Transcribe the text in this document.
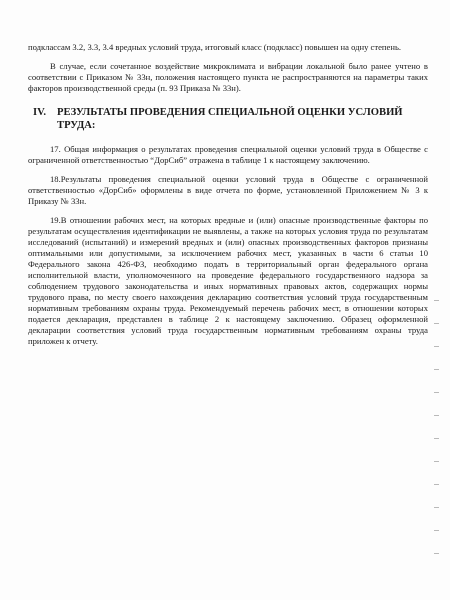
подклассам 3.2, 3.3, 3.4 вредных условий труда, итоговый класс (подкласс) повышен на одну степень.

В случае, если сочетанное воздействие микроклимата и вибрации локальной было ранее учтено в соответствии с Приказом № 33н, положения настоящего пункта не распространяются на параметры таких факторов производственной среды (п. 93 Приказа № 33н).

IV.	РЕЗУЛЬТАТЫ ПРОВЕДЕНИЯ СПЕЦИАЛЬНОЙ ОЦЕНКИ УСЛОВИЙ ТРУДА:

17. Общая информация о результатах проведения специальной оценки условий труда в Обществе с ограниченной ответственностью “ДорСиб” отражена в таблице 1 к настоящему заключению.

18.Результаты проведения специальной оценки условий труда в Обществе с ограниченной ответственностью «ДорСиб» оформлены в виде отчета по форме, установленной Приложением № 3 к Приказу № 33н.

19.В отношении рабочих мест, на которых вредные и (или) опасные производственные факторы по результатам осуществления идентификации не выявлены, а также на которых условия труда по результатам исследований (испытаний) и измерений вредных и (или) опасных производственных факторов признаны оптимальными или допустимыми, за исключением рабочих мест, указанных в части 6 статьи 10 Федерального закона 426-ФЗ, необходимо подать в территориальный орган федерального органа исполнительной власти, уполномоченного на проведение федерального государственного надзора за соблюдением трудового законодательства и иных нормативных правовых актов, содержащих нормы трудового права, по месту своего нахождения декларацию соответствия условий труда государственным нормативным требованиям охраны труда. Рекомендуемый перечень рабочих мест, в отношении которых подается декларация, представлен в таблице 2 к настоящему заключению. Образец оформленной декларации соответствия условий труда государственным нормативным требованиям охраны труда приложен к отчету.
